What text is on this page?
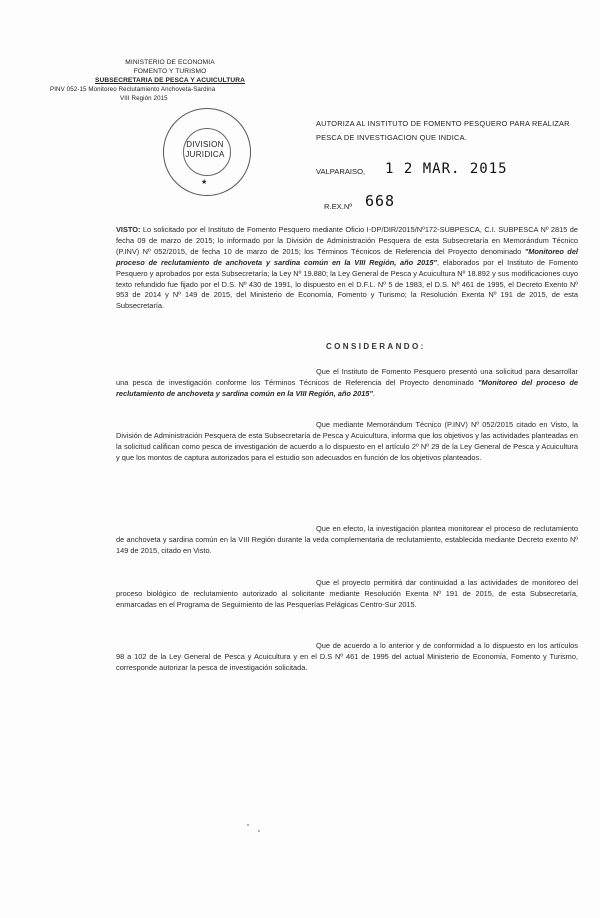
MINISTERIO DE ECONOMIA
FOMENTO Y TURISMO
SUBSECRETARIA DE PESCA Y ACUICULTURA
PINV 052-15 Monitoreo Reclutamiento Anchoveta-Sardina
VIII Región 2015
DIVISION
JURIDICA
★
AUTORIZA AL INSTITUTO DE FOMENTO PESQUERO PARA REALIZAR PESCA DE INVESTIGACION QUE INDICA.
VALPARAISO, 1 2 MAR. 2015
R.EX.Nº 668
VISTO: Lo solicitado por el Instituto de Fomento Pesquero mediante Oficio I-DP/DIR/2015/Nº172-SUBPESCA, C.I. SUBPESCA Nº 2815 de fecha 09 de marzo de 2015; lo informado por la División de Administración Pesquera de esta Subsecretaría en Memorándum Técnico (P.INV) Nº 052/2015, de fecha 10 de marzo de 2015; los Términos Técnicos de Referencia del Proyecto denominado "Monitoreo del proceso de reclutamiento de anchoveta y sardina común en la VIII Región, año 2015", elaborados por el Instituto de Fomento Pesquero y aprobados por esta Subsecretaría; la Ley Nº 19.880; la Ley General de Pesca y Acuicultura Nº 18.892 y sus modificaciones cuyo texto refundido fue fijado por el D.S. Nº 430 de 1991, lo dispuesto en el D.F.L. Nº 5 de 1983, el D.S. Nº 461 de 1995, el Decreto Exento Nº 953 de 2014 y Nº 149 de 2015, del Ministerio de Economía, Fomento y Turismo; la Resolución Exenta Nº 191 de 2015, de esta Subsecretaría.
CONSIDERANDO:
Que el Instituto de Fomento Pesquero presentó una solicitud para desarrollar una pesca de investigación conforme los Términos Técnicos de Referencia del Proyecto denominado "Monitoreo del proceso de reclutamiento de anchoveta y sardina común en la VIII Región, año 2015".
Que mediante Memorándum Técnico (P.INV) Nº 052/2015 citado en Visto, la División de Administración Pesquera de esta Subsecretaría de Pesca y Acuicultura, informa que los objetivos y las actividades planteadas en la solicitud califican como pesca de investigación de acuerdo a lo dispuesto en el artículo 2º Nº 29 de la Ley General de Pesca y Acuicultura y que los montos de captura autorizados para el estudio son adecuados en función de los objetivos planteados.
Que en efecto, la investigación plantea monitorear el proceso de reclutamiento de anchoveta y sardina común en la VIII Región durante la veda complementaria de reclutamiento, establecida mediante Decreto exento Nº 149 de 2015, citado en Visto.
Que el proyecto permitirá dar continuidad a las actividades de monitoreo del proceso biológico de reclutamiento autorizado al solicitante mediante Resolución Exenta Nº 191 de 2015, de esta Subsecretaría, enmarcadas en el Programa de Seguimiento de las Pesquerías Pelágicas Centro-Sur 2015.
Que de acuerdo a lo anterior y de conformidad a lo dispuesto en los artículos 98 a 102 de la Ley General de Pesca y Acuicultura y en el D.S Nº 461 de 1995 del actual Ministerio de Economía, Fomento y Turismo, corresponde autorizar la pesca de investigación solicitada.
